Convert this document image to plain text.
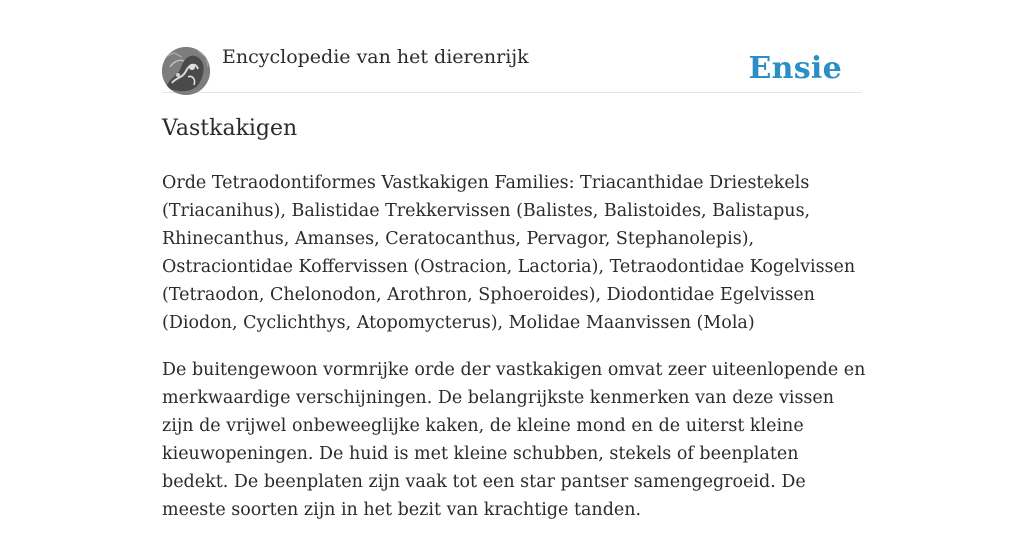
Encyclopedie van het dierenrijk	Ensie
Vastkakigen

Orde Tetraodontiformes Vastkakigen Families: Triacanthidae Driestekels (Triacanihus), Balistidae Trekkervissen (Balistes, Balistoides, Balistapus, Rhinecanthus, Amanses, Ceratocanthus, Pervagor, Stephanolepis), Ostraciontidae Koffervissen (Ostracion, Lactoria), Tetraodontidae Kogelvissen (Tetraodon, Chelonodon, Arothron, Sphoeroides), Diodontidae Egelvissen (Diodon, Cyclichthys, Atopomycterus), Molidae Maanvissen (Mola)

De buitengewoon vormrijke orde der vastkakigen omvat zeer uiteenlopende en merkwaardige verschijningen. De belangrijkste kenmerken van deze vissen zijn de vrijwel onbeweeglijke kaken, de kleine mond en de uiterst kleine kieuwopeningen. De huid is met kleine schubben, stekels of beenplaten bedekt. De beenplaten zijn vaak tot een star pantser samengegroeid. De meeste soorten zijn in het bezit van krachtige tanden.
